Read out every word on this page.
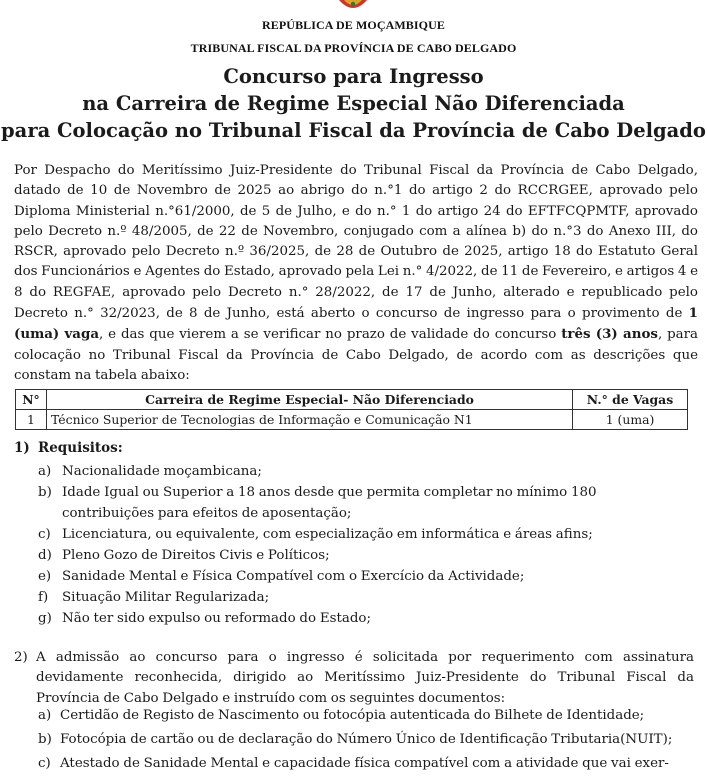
REPÚBLICA DE MOÇAMBIQUE
TRIBUNAL FISCAL DA PROVÍNCIA DE CABO DELGADO
Concurso para Ingresso
na Carreira de Regime Especial Não Diferenciada
para Colocação no Tribunal Fiscal da Província de Cabo Delgado
Por Despacho do Meritíssimo Juiz-Presidente do Tribunal Fiscal da Província de Cabo Delgado, datado de 10 de Novembro de 2025 ao abrigo do n.°1 do artigo 2 do RCCRGEE, aprovado pelo Diploma Ministerial n.°61/2000, de 5 de Julho, e do n.° 1 do artigo 24 do EFTFCQPMTF, aprovado pelo Decreto n.º 48/2005, de 22 de Novembro, conjugado com a alínea b) do n.°3 do Anexo III, do RSCR, aprovado pelo Decreto n.º 36/2025, de 28 de Outubro de 2025, artigo 18 do Estatuto Geral dos Funcionários e Agentes do Estado, aprovado pela Lei n.° 4/2022, de 11 de Fevereiro, e artigos 4 e 8 do REGFAE, aprovado pelo Decreto n.° 28/2022, de 17 de Junho, alterado e republicado pelo Decreto n.° 32/2023, de 8 de Junho, está aberto o concurso de ingresso para o provimento de 1 (uma) vaga, e das que vierem a se verificar no prazo de validade do concurso três (3) anos, para colocação no Tribunal Fiscal da Província de Cabo Delgado, de acordo com as descrições que constam na tabela abaixo:
N°	Carreira de Regime Especial- Não Diferenciado	N.° de Vagas
1	Técnico Superior de Tecnologias de Informação e Comunicação N1	1 (uma)
1) Requisitos:
a) Nacionalidade moçambicana;
b) Idade Igual ou Superior a 18 anos desde que permita completar no mínimo 180 contribuições para efeitos de aposentação;
c) Licenciatura, ou equivalente, com especialização em informática e áreas afins;
d) Pleno Gozo de Direitos Civis e Políticos;
e) Sanidade Mental e Física Compatível com o Exercício da Actividade;
f) Situação Militar Regularizada;
g) Não ter sido expulso ou reformado do Estado;
2) A admissão ao concurso para o ingresso é solicitada por requerimento com assinatura devidamente reconhecida, dirigido ao Meritíssimo Juiz-Presidente do Tribunal Fiscal da Província de Cabo Delgado e instruído com os seguintes documentos:
a) Certidão de Registo de Nascimento ou fotocópia autenticada do Bilhete de Identidade;
b) Fotocópia de cartão ou de declaração do Número Único de Identificação Tributaria(NUIT);
c) Atestado de Sanidade Mental e capacidade física compatível com a atividade que vai exer-
